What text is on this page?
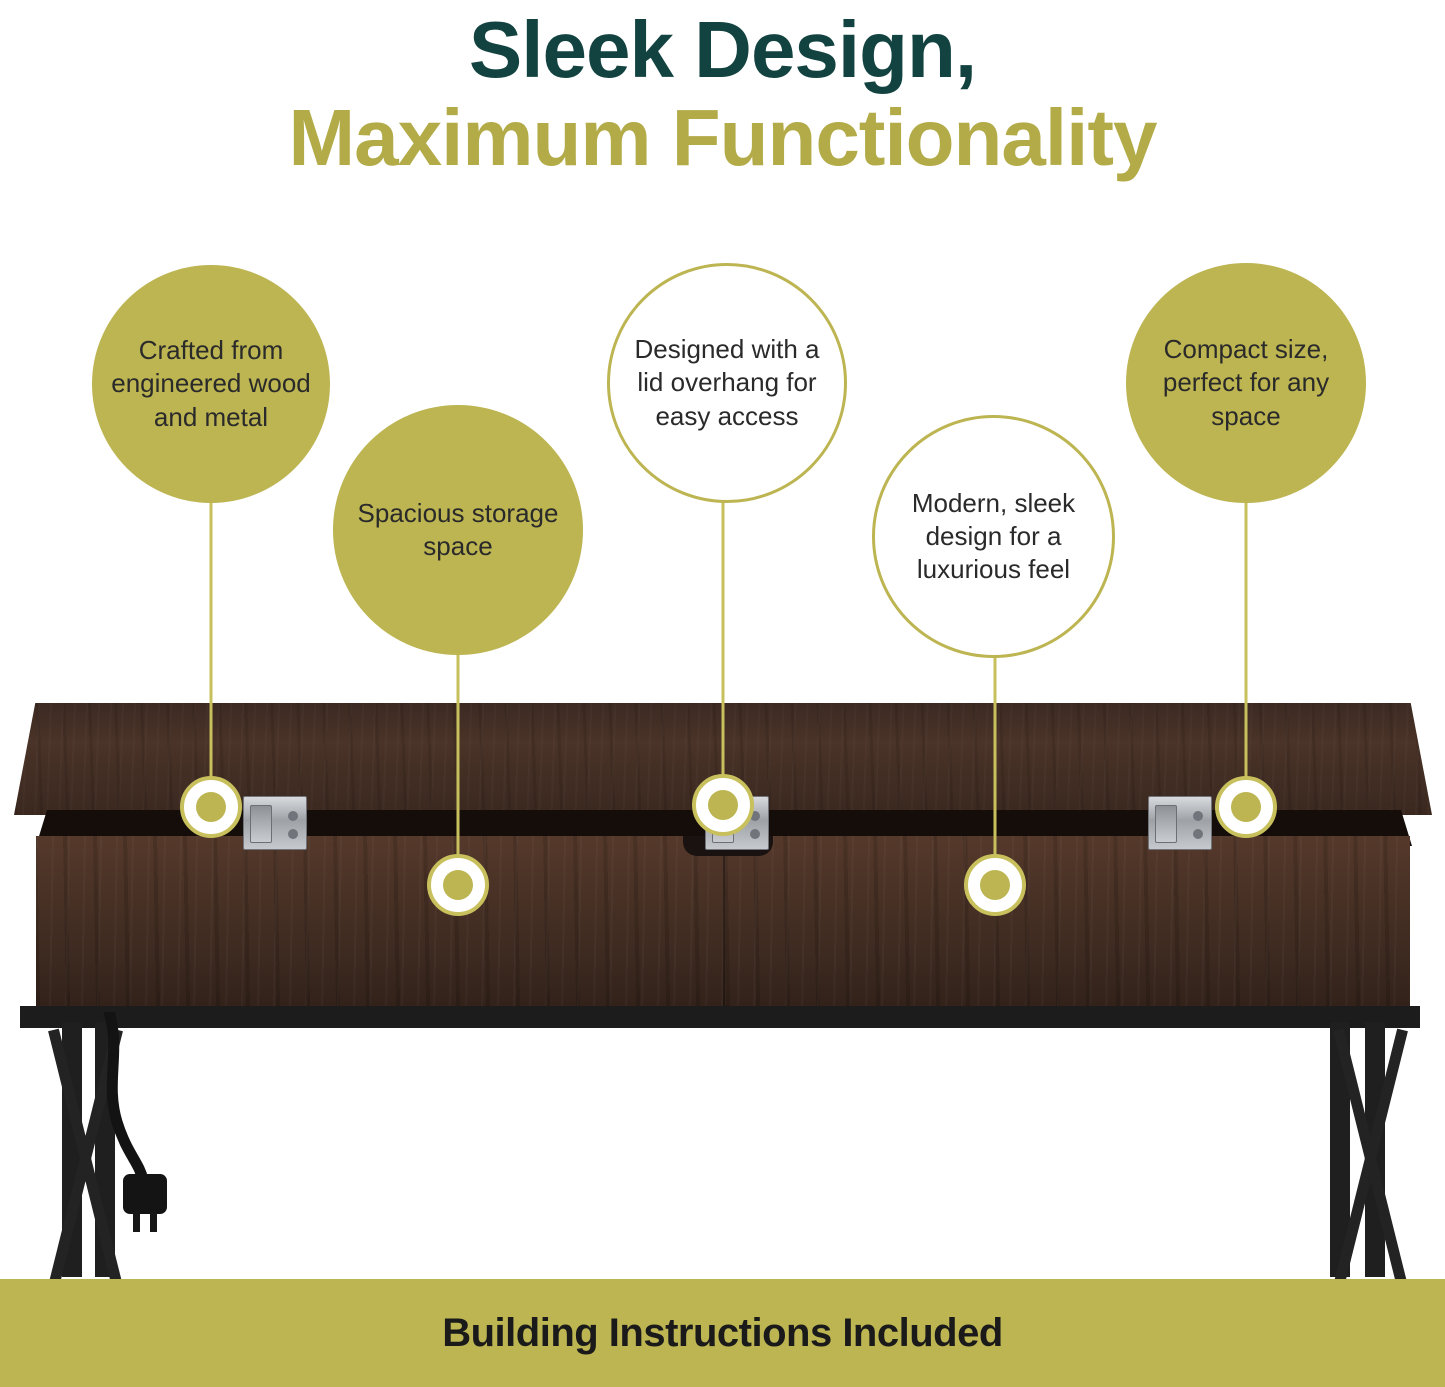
Sleek Design,
Maximum Functionality
Crafted from engineered wood and metal
Spacious storage space
Designed with a lid overhang for easy access
Modern, sleek design for a luxurious feel
Compact size, perfect for any space
Building Instructions Included
